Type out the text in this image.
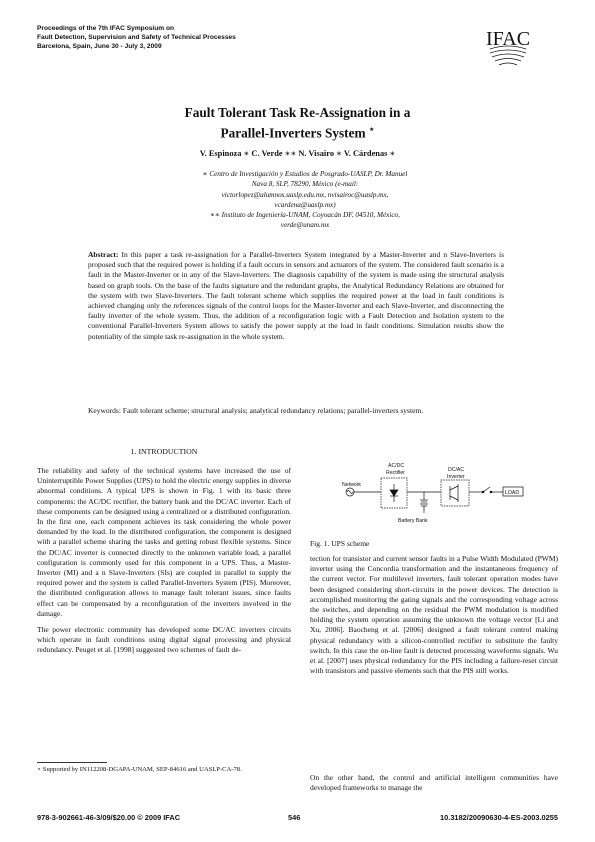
Proceedings of the 7th IFAC Symposium on
Fault Detection, Supervision and Safety of Technical Processes
Barcelona, Spain, June 30 - July 3, 2009	IFAC
Fault Tolerant Task Re-Assignation in a
Parallel-Inverters System ⋆
V. Espinoza ∗ C. Verde ∗∗ N. Visairo ∗ V. Cárdenas ∗
∗ Centro de Investigación y Estudios de Posgrado-UASLP, Dr. Manuel
Nava 8, SLP, 78290, México (e-mail:
victorlopez@alumnos.uaslp.edu.mx, nvisairoc@uaslp.mx,
vcardena@uaslp.mx)
∗∗ Instituto de Ingeniería-UNAM, Coyoacán DF, 04510, México,
verde@unam.mx
Abstract: In this paper a task re-assignation for a Parallel-Inverters System integrated by a Master-Inverter and n Slave-Inverters is proposed such that the required power is holding if a fault occurs in sensors and actuators of the system. The considered fault scenario is a fault in the Master-Inverter or in any of the Slave-Inverters. The diagnosis capability of the system is made using the structural analysis based on graph tools. On the base of the faults signature and the redundant graphs, the Analytical Redundancy Relations are obtained for the system with two Slave-Inverters. The fault tolerant scheme which supplies the required power at the load in fault conditions is achieved changing only the references signals of the control loops for the Master-Inverter and each Slave-Inverter, and disconnecting the faulty inverter of the whole system. Thus, the addition of a reconfiguration logic with a Fault Detection and Isolation system to the conventional Parallel-Inverters System allows to satisfy the power supply at the load in fault conditions. Simulation results show the potentiality of the simple task re-assignation in the whole system.
Keywords: Fault tolerant scheme; structural analysis; analytical redundancy relations; parallel-inverters system.
1. INTRODUCTION

The reliability and safety of the technical systems have increased the use of Uninterruptible Power Supplies (UPS) to hold the electric energy supplies in diverse abnormal conditions. A typical UPS is shown in Fig. 1 with its basic three components: the AC/DC rectifier, the battery bank and the DC/AC inverter. Each of these components can be designed using a centralized or a distributed configuration. In the first one, each component achieves its task considering the whole power demanded by the load. In the distributed configuration, the component is designed with a parallel scheme sharing the tasks and getting robust flexible systems. Since the DC/AC inverter is connected directly to the unknown variable load, a parallel configuration is commonly used for this component in a UPS. Thus, a Master-Inverter (MI) and a n Slave-Inverters (SIs) are coupled in parallel to supply the required power and the system is called Parallel-Inverters System (PIS). Moreover, the distributed configuration allows to manage fault tolerant issues, since faults effect can be compensated by a reconfiguration of the inverters involved in the damage.

The power electronic community has developed some DC/AC inverters circuits which operate in fault conditions using digital signal processing and physical redundancy. Peuget et al. [1998] suggested two schemes of fault de-

Network
AC/DC
Rectifier	DC/AC
Inverter
LOAD
Battery Bank
Fig. 1. UPS scheme

tection for transistor and current sensor faults in a Pulse Width Modulated (PWM) inverter using the Concordia transformation and the instantaneous frequency of the current vector. For multilevel inverters, fault tolerant operation modes have been designed considering short-circuits in the power devices. The detection is accomplished monitoring the gating signals and the corresponding voltage across the switches, and depending on the residual the PWM modulation is modified holding the system operation assuming the unknown the voltage vector [Li and Xu, 2006]. Baocheng et al. [2006] designed a fault tolerant control making physical redundancy with a silicon-controlled rectifier to substitute the faulty switch. In this case the on-line fault is detected processing waveforms signals. Wu et al. [2007] uses physical redundancy for the PIS including a failure-reset circuit with transistors and passive elements such that the PIS still works.

On the other hand, the control and artificial intelligent communities have developed frameworks to manage the

⋆ Supported by IN112208-DGAPA-UNAM, SEP-84616 and UASLP-CA-78.
978-3-902661-46-3/09/$20.00 © 2009 IFAC	546	10.3182/20090630-4-ES-2003.0255
